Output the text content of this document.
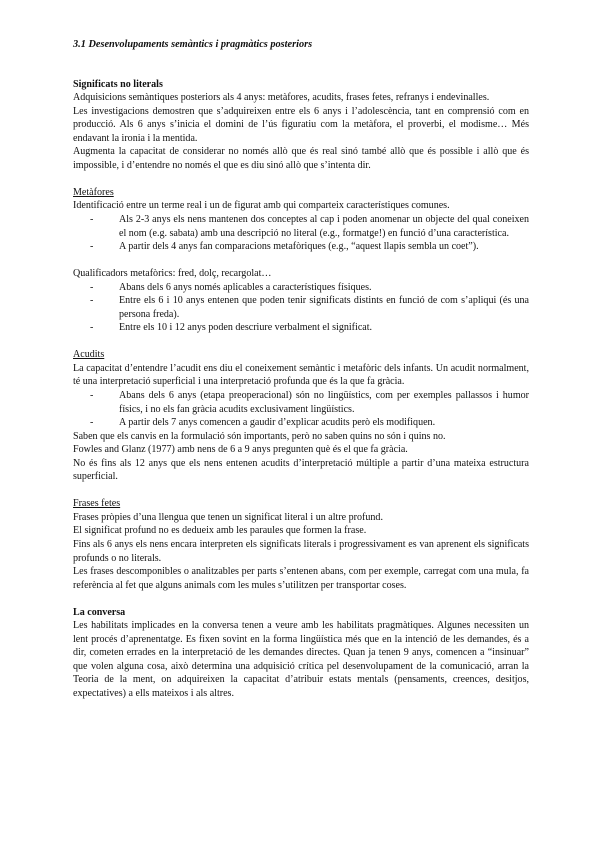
3.1 Desenvolupaments semàntics i pragmàtics posteriors
Significats no literals

Adquisicions semàntiques posteriors als 4 anys: metàfores, acudits, frases fetes, refranys i endevinalles.

Les investigacions demostren que s’adquireixen entre els 6 anys i l’adolescència, tant en comprensió com en producció. Als 6 anys s’inicia el domini de l’ús figuratiu com la metàfora, el proverbi, el modisme… Més endavant la ironia i la mentida.

Augmenta la capacitat de considerar no només allò que és real sinó també allò que és possible i allò que és impossible, i d’entendre no només el que es diu sinó allò que s’intenta dir.

Metàfores

Identificació entre un terme real i un de figurat amb qui comparteix característiques comunes.

-	Als 2-3 anys els nens mantenen dos conceptes al cap i poden anomenar un objecte del qual coneixen el nom (e.g. sabata) amb una descripció no literal (e.g., formatge!) en funció d’una característica.
-	A partir dels 4 anys fan comparacions metafòriques (e.g., “aquest llapis sembla un coet”).

Qualificadors metafòrics: fred, dolç, recargolat…

-	Abans dels 6 anys només aplicables a característiques físiques.
-	Entre els 6 i 10 anys entenen que poden tenir significats distints en funció de com s’apliqui (és una persona freda).
-	Entre els 10 i 12 anys poden descriure verbalment el significat.
Acudits

La capacitat d’entendre l’acudit ens diu el coneixement semàntic i metafòric dels infants. Un acudit normalment, té una interpretació superficial i una interpretació profunda que és la que fa gràcia.

-	Abans dels 6 anys (etapa preoperacional) són no lingüístics, com per exemples pallassos i humor físics, i no els fan gràcia acudits exclusivament lingüístics.
-	A partir dels 7 anys comencen a gaudir d’explicar acudits però els modifiquen.

Saben que els canvis en la formulació són importants, però no saben quins no són i quins no.

Fowles and Glanz (1977) amb nens de 6 a 9 anys pregunten què és el que fa gràcia.

No és fins als 12 anys que els nens entenen acudits d’interpretació múltiple a partir d’una mateixa estructura superficial.

Frases fetes

Frases pròpies d’una llengua que tenen un significat literal i un altre profund.

El significat profund no es dedueix amb les paraules que formen la frase.

Fins als 6 anys els nens encara interpreten els significats literals i progressivament es van aprenent els significats profunds o no literals.

Les frases descomponibles o analitzables per parts s’entenen abans, com per exemple, carregat com una mula, fa referència al fet que alguns animals com les mules s’utilitzen per transportar coses.

La conversa

Les habilitats implicades en la conversa tenen a veure amb les habilitats pragmàtiques. Algunes necessiten un lent procés d’aprenentatge. Es fixen sovint en la forma lingüística més que en la intenció de les demandes, és a dir, cometen errades en la interpretació de les demandes directes. Quan ja tenen 9 anys, comencen a “insinuar” que volen alguna cosa, això determina una adquisició crítica pel desenvolupament de la comunicació, arran la Teoria de la ment, on adquireixen la capacitat d’atribuir estats mentals (pensaments, creences, desitjos, expectatives) a ells mateixos i als altres.
